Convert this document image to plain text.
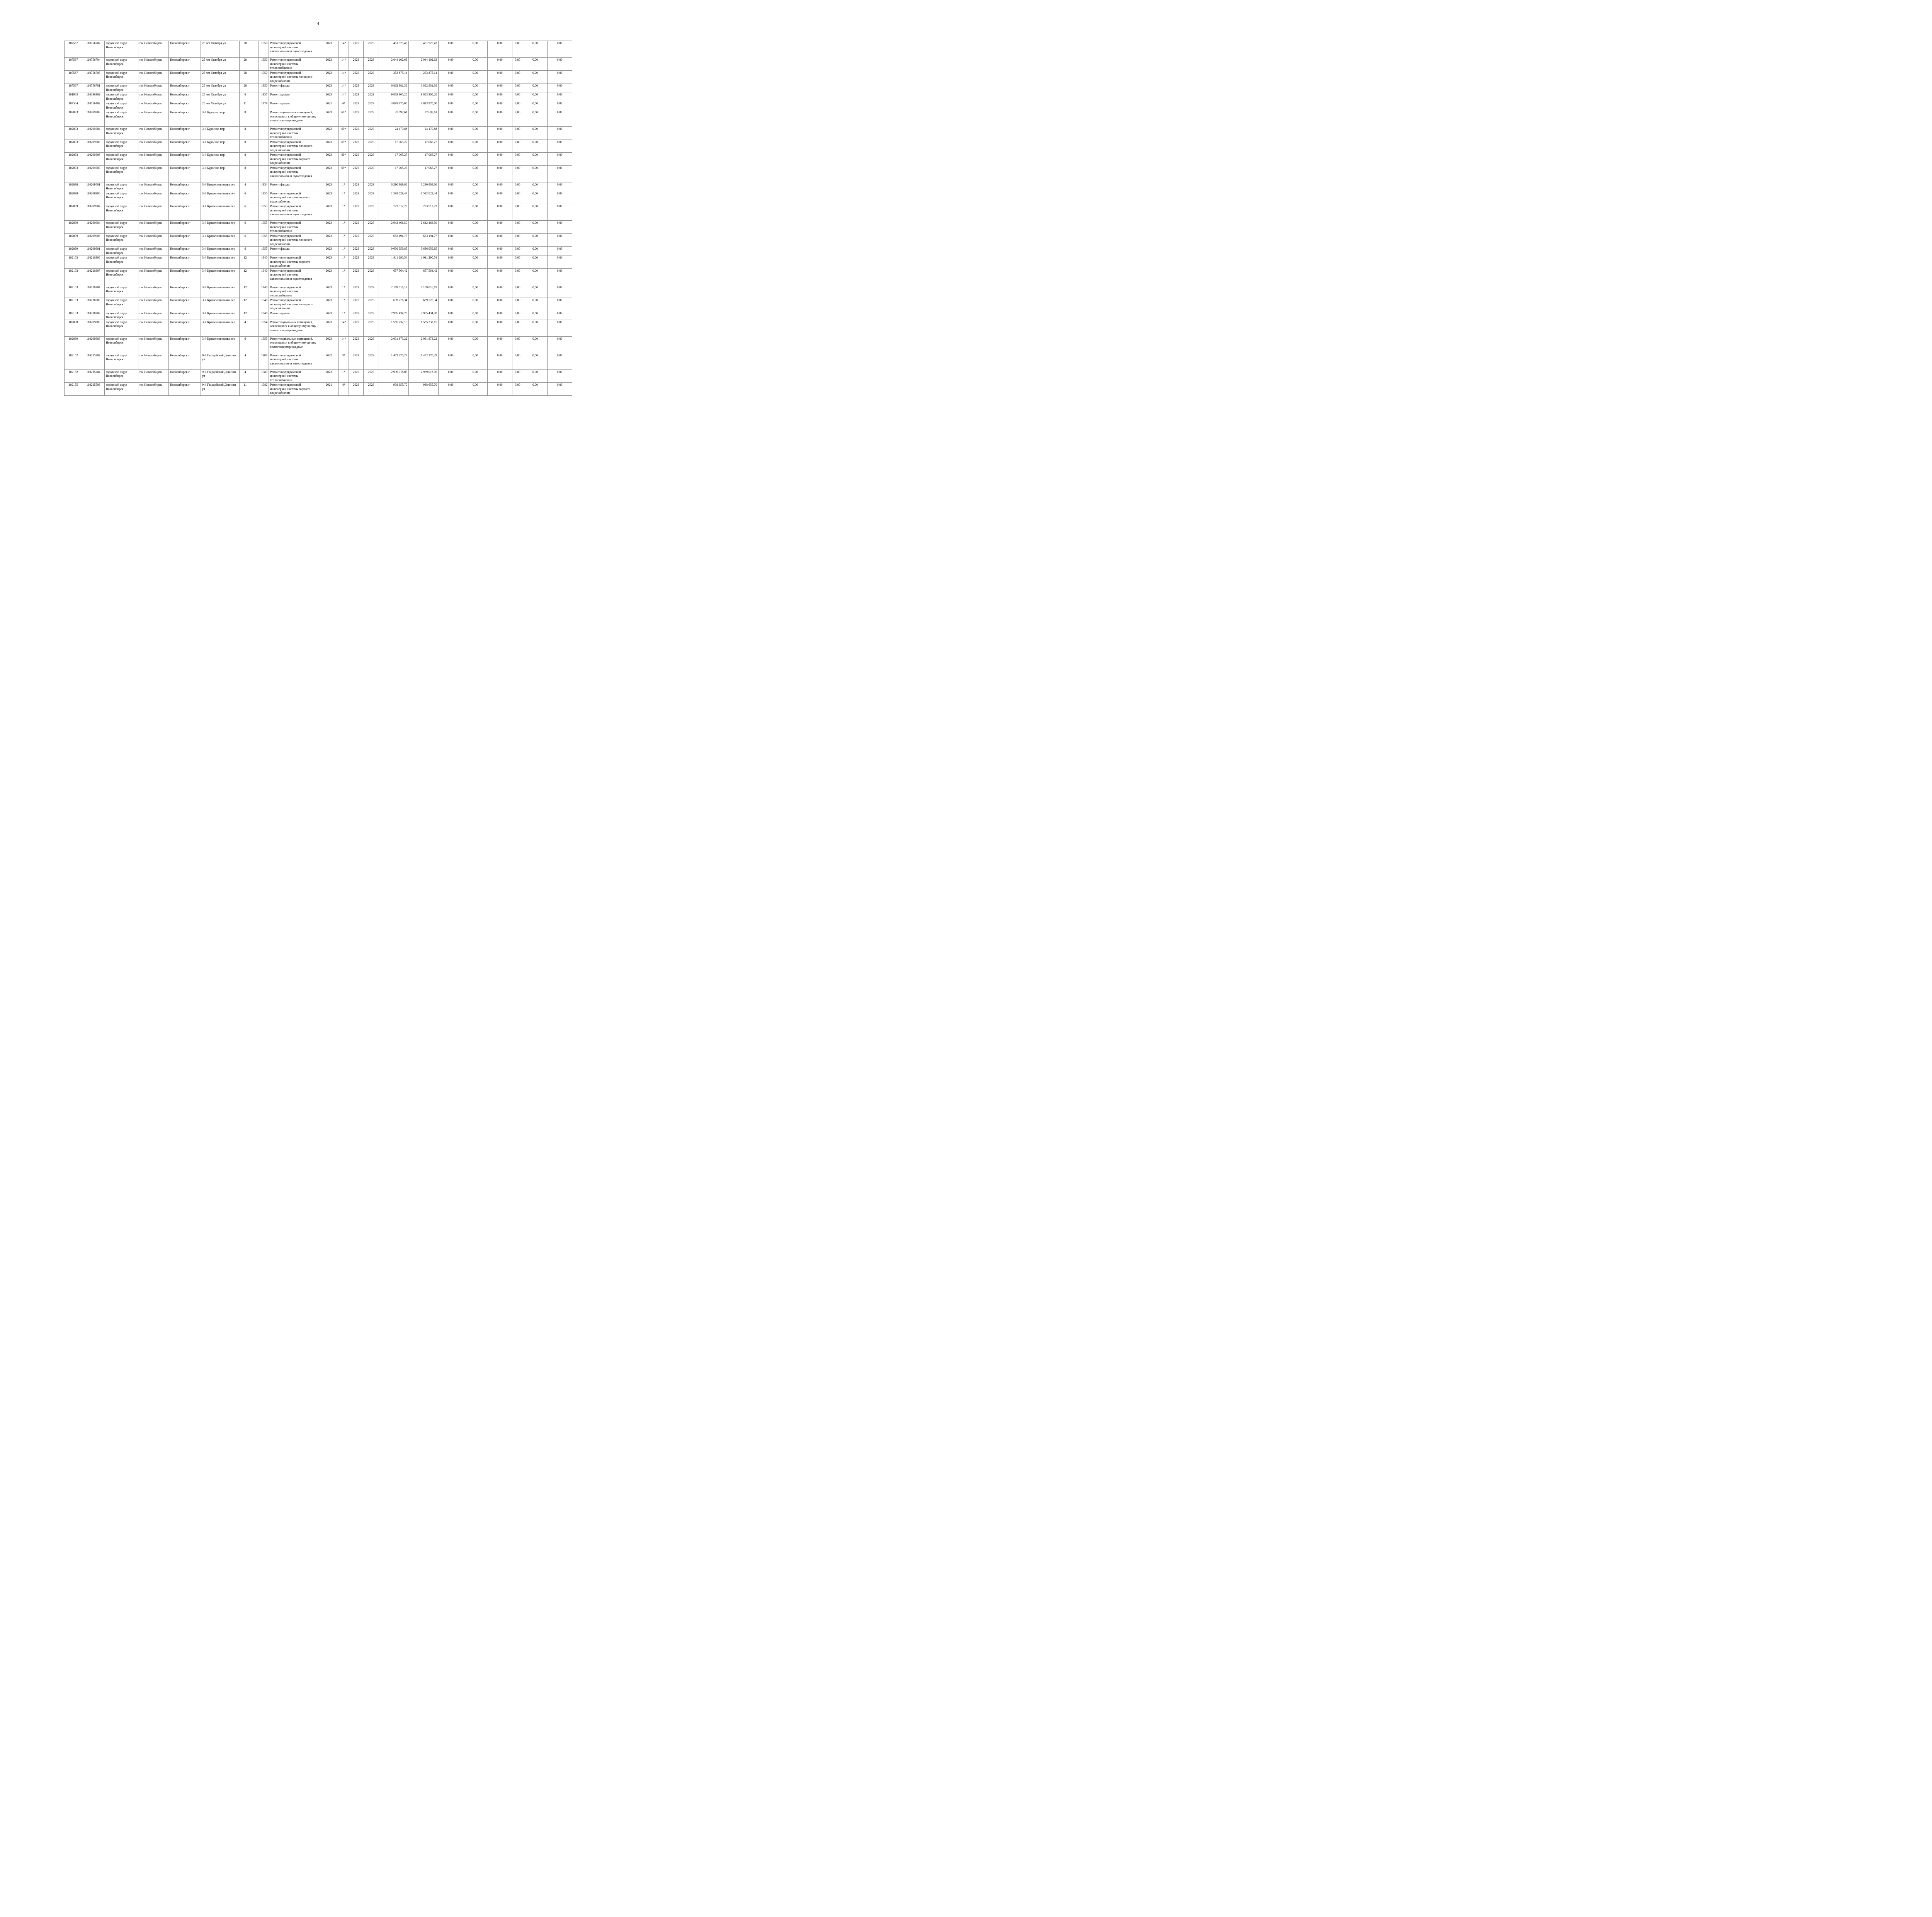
4
107567	110756707	городской округ Новосибирск	г.о. Новосибирск	Новосибирск г	25 лет Октября ул	28		1950	Ремонт внутридомовой инженерной системы канализования и водоотведения	2023	14*	2023	2023	451 925,43	451 925,43	0,00	0,00	0,00	0,00	0,00	0,00
107567	110756704	городской округ Новосибирск	г.о. Новосибирск	Новосибирск г	25 лет Октября ул	28		1950	Ремонт внутридомовой инженерной системы теплоснабжения	2023	14*	2023	2023	2 044 102,63	2 044 102,63	0,00	0,00	0,00	0,00	0,00	0,00
107567	110756705	городской округ Новосибирск	г.о. Новосибирск	Новосибирск г	25 лет Октября ул	28		1950	Ремонт внутридомовой инженерной системы холодного водоснабжения	2023	14*	2023	2023	253 875,14	253 875,14	0,00	0,00	0,00	0,00	0,00	0,00
107567	110756701	городской округ Новосибирск	г.о. Новосибирск	Новосибирск г	25 лет Октября ул	28		1950	Ремонт фасада	2023	14*	2023	2023	6 862 981,38	6 862 981,38	0,00	0,00	0,00	0,00	0,00	0,00
101963	110196302	городской округ Новосибирск	г.о. Новосибирск	Новосибирск г	25 лет Октября ул	6		1957	Ремонт крыши	2023	14*	2023	2023	9 883 305,28	9 883 305,28	0,00	0,00	0,00	0,00	0,00	0,00
107564	110756402	городской округ Новосибирск	г.о. Новосибирск	Новосибирск г	25 лет Октября ул	11		1979	Ремонт крыши	2021	4*	2023	2023	3 893 970,00	3 893 970,00	0,00	0,00	0,00	0,00	0,00	0,00
102093	110209303	городской округ Новосибирск	г.о. Новосибирск	Новосибирск г	3-й Бурденко пер	8			Ремонт подвальных помещений, относящихся к общему имуществу в многоквартирном доме	2023	69*	2023	2023	37 697,61	37 697,61	0,00	0,00	0,00	0,00	0,00	0,00
102093	110209304	городской округ Новосибирск	г.о. Новосибирск	Новосибирск г	3-й Бурденко пер	8			Ремонт внутридомовой инженерной системы теплоснабжения	2023	69*	2023	2023	24 179,88	24 179,88	0,00	0,00	0,00	0,00	0,00	0,00
102093	110209305	городской округ Новосибирск	г.о. Новосибирск	Новосибирск г	3-й Бурденко пер	8			Ремонт внутридомовой инженерной системы холодного водоснабжения	2023	69*	2023	2023	17 065,27	17 065,27	0,00	0,00	0,00	0,00	0,00	0,00
102093	110209306	городской округ Новосибирск	г.о. Новосибирск	Новосибирск г	3-й Бурденко пер	8			Ремонт внутридомовой инженерной системы горячего водоснабжения	2023	69*	2023	2023	17 065,27	17 065,27	0,00	0,00	0,00	0,00	0,00	0,00
102093	110209307	городской округ Новосибирск	г.о. Новосибирск	Новосибирск г	3-й Бурденко пер	8			Ремонт внутридомовой инженерной системы канализования и водоотведения	2023	69*	2023	2023	17 065,27	17 065,27	0,00	0,00	0,00	0,00	0,00	0,00
102098	110209801	городской округ Новосибирск	г.о. Новосибирск	Новосибирск г	3-й Крашенинникова пер	4		1954	Ремонт фасада	2023	1*	2023	2023	8 290 989,86	8 290 989,86	0,00	0,00	0,00	0,00	0,00	0,00
102099	110209906	городской округ Новосибирск	г.о. Новосибирск	Новосибирск г	3-й Крашенинникова пер	6		1955	Ремонт внутридомовой инженерной системы горячего водоснабжения	2023	1*	2023	2023	1 592 829,44	1 592 829,44	0,00	0,00	0,00	0,00	0,00	0,00
102099	110209907	городской округ Новосибирск	г.о. Новосибирск	Новосибирск г	3-й Крашенинникова пер	6		1955	Ремонт внутридомовой инженерной системы канализования и водоотведения	2023	1*	2023	2023	773 512,73	773 512,73	0,00	0,00	0,00	0,00	0,00	0,00
102099	110209904	городской округ Новосибирск	г.о. Новосибирск	Новосибирск г	3-й Крашенинникова пер	6		1955	Ремонт внутридомовой инженерной системы теплоснабжения	2023	1*	2023	2023	2 642 466,50	2 642 466,50	0,00	0,00	0,00	0,00	0,00	0,00
102099	110209905	городской округ Новосибирск	г.о. Новосибирск	Новосибирск г	3-й Крашенинникова пер	6		1955	Ремонт внутридомовой инженерной системы холодного водоснабжения	2023	1*	2023	2023	653 194,77	653 194,77	0,00	0,00	0,00	0,00	0,00	0,00
102099	110209901	городской округ Новосибирск	г.о. Новосибирск	Новосибирск г	3-й Крашенинникова пер	6		1955	Ремонт фасада	2023	1*	2023	2023	9 636 959,85	9 636 959,85	0,00	0,00	0,00	0,00	0,00	0,00
102103	110210306	городской округ Новосибирск	г.о. Новосибирск	Новосибирск г	3-й Крашенинникова пер	12		1940	Ремонт внутридомовой инженерной системы горячего водоснабжения	2023	1*	2023	2023	1 911 290,54	1 911 290,54	0,00	0,00	0,00	0,00	0,00	0,00
102103	110210307	городской округ Новосибирск	г.о. Новосибирск	Новосибирск г	3-й Крашенинникова пер	12		1940	Ремонт внутридомовой инженерной системы канализования и водоотведения	2023	1*	2023	2023	657 564,42	657 564,42	0,00	0,00	0,00	0,00	0,00	0,00
102103	110210304	городской округ Новосибирск	г.о. Новосибирск	Новосибирск г	3-й Крашенинникова пер	12		1940	Ремонт внутридомовой инженерной системы теплоснабжения	2023	1*	2023	2023	2 189 816,19	2 189 816,19	0,00	0,00	0,00	0,00	0,00	0,00
102103	110210305	городской округ Новосибирск	г.о. Новосибирск	Новосибирск г	3-й Крашенинникова пер	12		1940	Ремонт внутридомовой инженерной системы холодного водоснабжения	2023	1*	2023	2023	639 776,34	639 776,34	0,00	0,00	0,00	0,00	0,00	0,00
102103	110210302	городской округ Новосибирск	г.о. Новосибирск	Новосибирск г	3-й Крашенинникова пер	12		1940	Ремонт крыши	2023	1*	2023	2023	7 985 434,70	7 985 434,70	0,00	0,00	0,00	0,00	0,00	0,00
102098	110209803	городской округ Новосибирск	г.о. Новосибирск	Новосибирск г	3-й Крашенинникова пер	4		1954	Ремонт подвальных помещений, относящихся к общему имуществу в многоквартирном доме	2023	14*	2023	2023	1 585 232,15	1 585 232,15	0,00	0,00	0,00	0,00	0,00	0,00
102099	110209903	городской округ Новосибирск	г.о. Новосибирск	Новосибирск г	3-й Крашенинникова пер	6		1955	Ремонт подвальных помещений, относящихся к общему имуществу в многоквартирном доме	2023	14*	2023	2023	2 031 873,22	2 031 873,22	0,00	0,00	0,00	0,00	0,00	0,00
102152	110215207	городской округ Новосибирск	г.о. Новосибирск	Новосибирск г	9-й Гвардейской Дивизии ул	4		1983	Ремонт внутридомовой инженерной системы канализования и водоотведения	2022	3*	2023	2023	1 472 270,29	1 472 270,29	0,00	0,00	0,00	0,00	0,00	0,00
102152	110215204	городской округ Новосибирск	г.о. Новосибирск	Новосибирск г	9-й Гвардейской Дивизии ул	4		1983	Ремонт внутридомовой инженерной системы теплоснабжения	2023	1*	2023	2023	2 939 018,05	2 939 018,05	0,00	0,00	0,00	0,00	0,00	0,00
102155	110215506	городской округ Новосибирск	г.о. Новосибирск	Новосибирск г	9-й Гвардейской Дивизии ул	11		1982	Ремонт внутридомовой инженерной системы горячего водоснабжения	2021	4*	2023	2023	938 655,70	938 655,70	0,00	0,00	0,00	0,00	0,00	0,00
